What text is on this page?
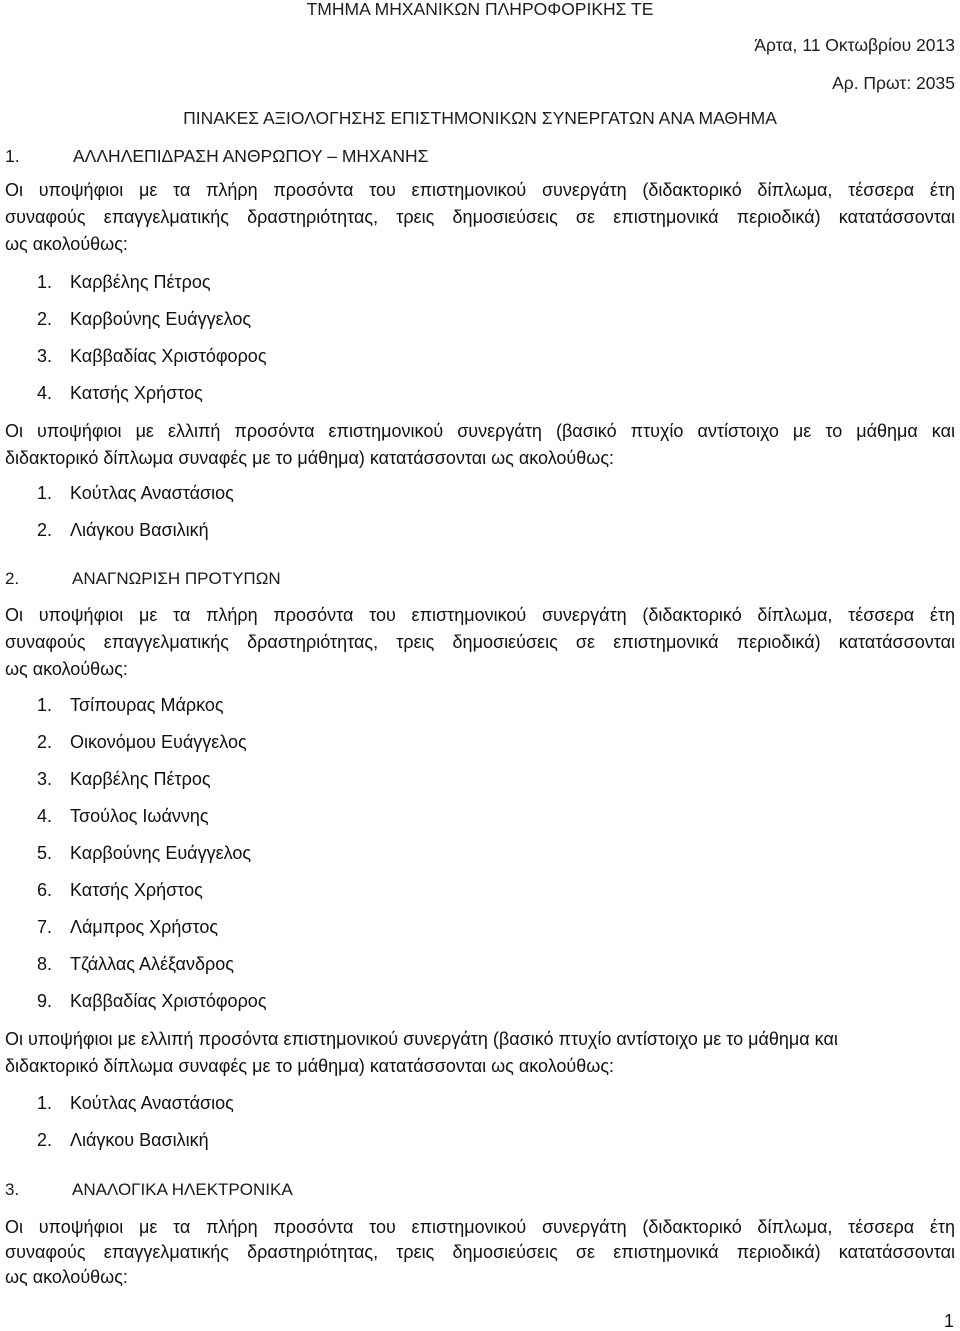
ΤΜΗΜΑ ΜΗΧΑΝΙΚΩΝ ΠΛΗΡΟΦΟΡΙΚΗΣ ΤΕ
Άρτα, 11 Οκτωβρίου 2013
Αρ. Πρωτ: 2035
ΠΙΝΑΚΕΣ ΑΞΙΟΛΟΓΗΣΗΣ ΕΠΙΣΤΗΜΟΝΙΚΩΝ ΣΥΝΕΡΓΑΤΩΝ ΑΝΑ ΜΑΘΗΜΑ
1.	ΑΛΛΗΛΕΠΙΔΡΑΣΗ ΑΝΘΡΩΠΟΥ – ΜΗΧΑΝΗΣ
Οι υποψήφιοι με τα πλήρη προσόντα του επιστημονικού συνεργάτη (διδακτορικό δίπλωμα, τέσσερα έτη
συναφούς επαγγελματικής δραστηριότητας, τρεις δημοσιεύσεις σε επιστημονικά περιοδικά) κατατάσσονται
ως ακολούθως:
1. Καρβέλης Πέτρος
2. Καρβούνης Ευάγγελος
3. Καββαδίας Χριστόφορος
4. Κατσής Χρήστος
Οι υποψήφιοι με ελλιπή προσόντα επιστημονικού συνεργάτη (βασικό πτυχίο αντίστοιχο με το μάθημα και
διδακτορικό δίπλωμα συναφές με το μάθημα) κατατάσσονται ως ακολούθως:
1. Κούτλας Αναστάσιος
2. Λιάγκου Βασιλική
2.	ΑΝΑΓΝΩΡΙΣΗ ΠΡΟΤΥΠΩΝ
Οι υποψήφιοι με τα πλήρη προσόντα του επιστημονικού συνεργάτη (διδακτορικό δίπλωμα, τέσσερα έτη
συναφούς επαγγελματικής δραστηριότητας, τρεις δημοσιεύσεις σε επιστημονικά περιοδικά) κατατάσσονται
ως ακολούθως:
1. Τσίπουρας Μάρκος
2. Οικονόμου Ευάγγελος
3. Καρβέλης Πέτρος
4. Τσούλος Ιωάννης
5. Καρβούνης Ευάγγελος
6. Κατσής Χρήστος
7. Λάμπρος Χρήστος
8. Τζάλλας Αλέξανδρος
9. Καββαδίας Χριστόφορος
Οι υποψήφιοι με ελλιπή προσόντα επιστημονικού συνεργάτη (βασικό πτυχίο αντίστοιχο με το μάθημα και
διδακτορικό δίπλωμα συναφές με το μάθημα) κατατάσσονται ως ακολούθως:
1. Κούτλας Αναστάσιος
2. Λιάγκου Βασιλική
3.	ΑΝΑΛΟΓΙΚΑ ΗΛΕΚΤΡΟΝΙΚΑ
Οι υποψήφιοι με τα πλήρη προσόντα του επιστημονικού συνεργάτη (διδακτορικό δίπλωμα, τέσσερα έτη
συναφούς επαγγελματικής δραστηριότητας, τρεις δημοσιεύσεις σε επιστημονικά περιοδικά) κατατάσσονται
ως ακολούθως:
1
